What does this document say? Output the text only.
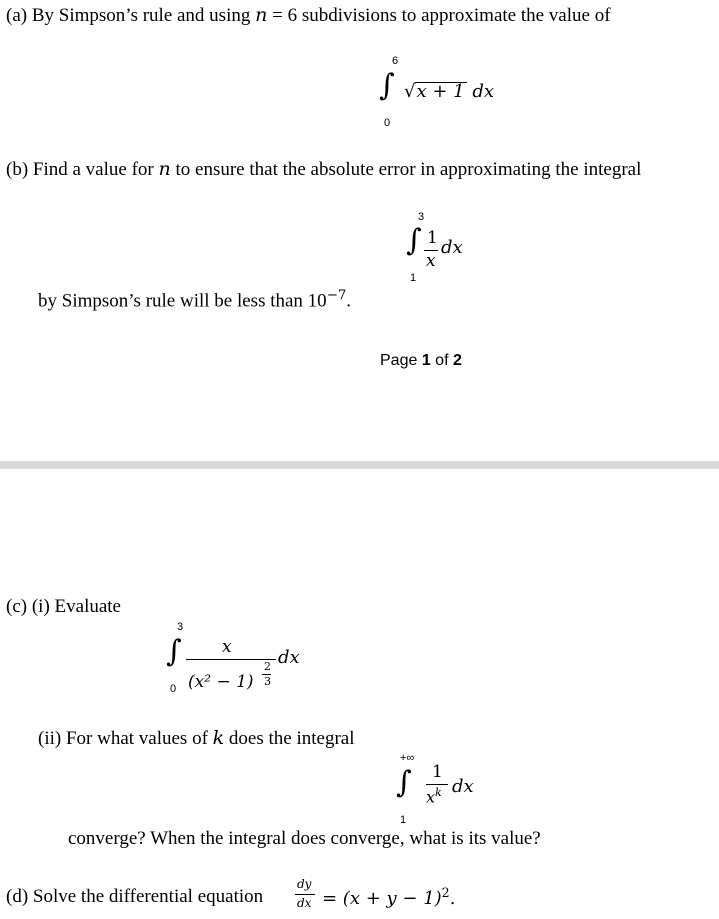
(a) By Simpson’s rule and using n = 6 subdivisions to approximate the value of
6
∫
0
√x + 1 dx
(b) Find a value for n to ensure that the absolute error in approximating the integral
3
∫
1
1
x
dx
by Simpson’s rule will be less than $10^{-7}$.
Page 1 of 2
(c) (i) Evaluate
3
∫
0
x
(x² − 1)
2
3
dx
(ii) For what values of k does the integral
+∞
∫
1
1
$x^k$ dx
converge? When the integral does converge, what is its value?
(d) Solve the differential equation
dy
dx = $(x + y - 1)^2$.
